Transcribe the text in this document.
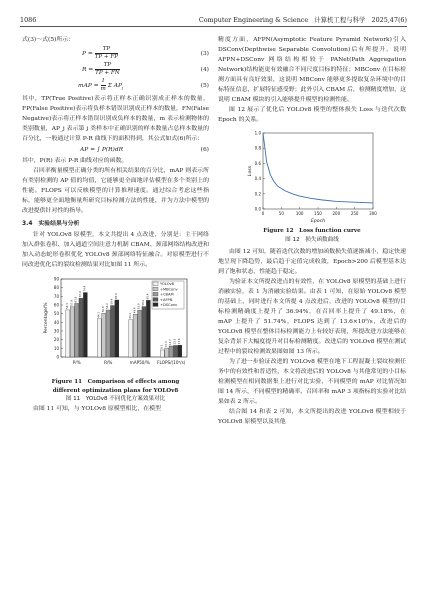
1086	Computer Engineering & Science 计算机工程与科学 2025,47(6)

式(3)～式(5)所示：

$P = \frac{TP}{TP + FP}$	(3)
$R = \frac{TP}{TP + FN}$	(4)
mAP = $\frac{1}{m}$ Σ $AP_j$	(5)

其中，TP(True Positive)表示将正样本正确识别成正样本的数量，FP(False Positive)表示将负样本错误识别成正样本的数量，FN(False Negative)表示将正样本错误识别成负样本的数量，m 表示检测物体的类别数量，AP_j 表示第 j 类样本中正确识别的样本数量占总样本数量的百分比，一般通过计算 P-R 曲线下的面积得到，其公式如式(6)所示：

AP = ∫ P(R)dR	(6)

其中，P(R) 表示 P-R 曲线对应的函数。

召回率衡量模型正确分类的所有相关结果的百分比，mAP 则表示所有类别检测的 AP 值的均值，它能够更全面地评估模型在多个类别上的性能。FLOPS 可以反映模型的计算推理速度。通过综合考虑这些指标，能够更全面地衡量所研究目标检测方法的性能，并为方法中模型的改进提供针对性的指导。

3.4　实验结果与分析

针对 YOLOv8 原模型，本文共提出 4 点改进，分别是：主干网络加入群张卷积、加入通道空间注意力机制 CBAM、颈部网络结构改进和加入动态蛇形卷积优化 YOLOv8 颈部网络特征融合。对原模型进行不同改进优化后的裂纹检测结果对比如图 11 所示。

0
10
20
30
40
50
60
70
80
90
Percentage/%	54.3
57.9
61.8
67.9
74.4
P/%
44.1
50.6
54.2
59.4
65.8
R/%
43.1
49.4
53.9
58.2
65.4
mAP50/%
8.1 10.3 12.7 13.3 13.6
FLOPS/(10⁹/s)
YOLOv8
+MBConv
+CBAM
+AFPN
+DSConv
Figure 11　Comparison of effects among
different optimization plans for YOLOv8
图 11　YOLOv8 不同优化方案效果对比

由图 11 可知，与 YOLOv8 原模型相比，在模型

精度方面，AFPN(Asymptotic Feature Pyramid Network)引入 DSConv(Depthwise Separable Convolution)后有所提升，说明 AFPN+DSConv 网络结构相较于 PANet(Path Aggregation Network)结构能更有效融合不同尺度目标的特征；MBConv 在目标检测方面具有良好效果，这说明 MBConv 能够更多提取复杂环境中的目标特征信息，扩展特征感受野；此外引入 CBAM 后，检测精度增加，这说明 CBAM 模块的引入能够提升模型的检测性能。

图 12 展示了优化后 YOLOv8 模型的整体损失 Loss 与迭代次数 Epoch 的关系。

0.0
0.2
0.4
0.6
0.8
1.0
0	50	100	150	200	250	300
Epoch
Loss
Figure 12　Loss function curve
图 12　损失函数曲线

由图 12 可知，随着迭代次数的增加函数损失值逐渐减小，稳定快速地呈现下降趋势，最后趋于定值完成收敛，Epoch>200 后模型基本达到了饱和状态，性能趋于稳定。

为验证本文所提改进点的有效性，在 YOLOv8 原模型的基础上进行消融实验，表 1 为消融实验结果。由表 1 可知，在原始 YOLOv8 模型的基础上，同时进行本文所提 4 点改进后，改进的 YOLOv8 模型的目标检测精确度上提升了 36.94%，在召回率上提升了 49.18%，在 mAP 上提升了 51.74%，FLOPS 达到了 13.6×10⁹/s，改进后的 YOLOv8 模型在整体目标检测能力上有较好表现，所提改进方法能够在复杂背景下大幅度提升对目标检测精度。改进后的 YOLOv8 模型在测试过程中的裂纹检测效果图如图 13 所示。

为了进一步验证改进的 YOLOv8 模型在地下工程混凝土裂纹检测任务中的有效性和普适性，本文将改进后的 YOLOv8 与其他常见的小目标检测模型在相同数据集上进行对比实验，不同模型的 mAP 对比情况如图 14 所示，不同模型的精确率、召回率和 mAP 3 项指标的实验对比结果如表 2 所示。

结合图 14 和表 2 可知，本文所提出的改进 YOLOv8 模型相较于 YOLOv8 原模型以及其他
